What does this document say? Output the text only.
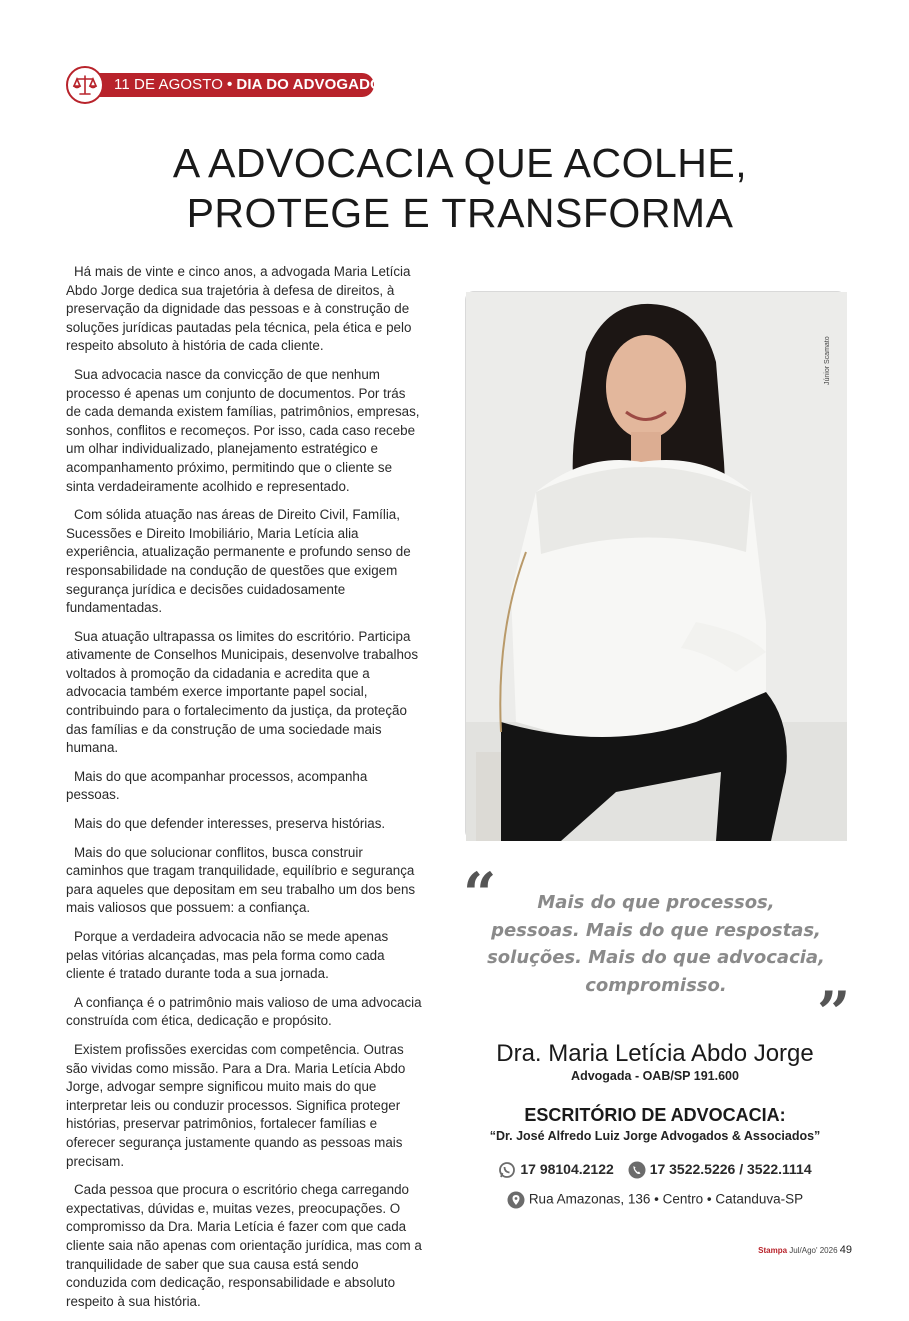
11 DE AGOSTO • DIA DO ADVOGADO
A ADVOCACIA QUE ACOLHE,
PROTEGE E TRANSFORMA

Há mais de vinte e cinco anos, a advogada Maria Letícia Abdo Jorge dedica sua trajetória à defesa de direitos, à preservação da dignidade das pessoas e à construção de soluções jurídicas pautadas pela técnica, pela ética e pelo respeito absoluto à história de cada cliente.

Sua advocacia nasce da convicção de que nenhum processo é apenas um conjunto de documentos. Por trás de cada demanda existem famílias, patrimônios, empresas, sonhos, conflitos e recomeços. Por isso, cada caso recebe um olhar individualizado, planejamento estratégico e acompanhamento próximo, permitindo que o cliente se sinta verdadeiramente acolhido e representado.

Com sólida atuação nas áreas de Direito Civil, Família, Sucessões e Direito Imobiliário, Maria Letícia alia experiência, atualização permanente e profundo senso de responsabilidade na condução de questões que exigem segurança jurídica e decisões cuidadosamente fundamentadas.

Sua atuação ultrapassa os limites do escritório. Participa ativamente de Conselhos Municipais, desenvolve trabalhos voltados à promoção da cidadania e acredita que a advocacia também exerce importante papel social, contribuindo para o fortalecimento da justiça, da proteção das famílias e da construção de uma sociedade mais humana.

Mais do que acompanhar processos, acompanha pessoas.

Mais do que defender interesses, preserva histórias.

Mais do que solucionar conflitos, busca construir caminhos que tragam tranquilidade, equilíbrio e segurança para aqueles que depositam em seu trabalho um dos bens mais valiosos que possuem: a confiança.

Porque a verdadeira advocacia não se mede apenas pelas vitórias alcançadas, mas pela forma como cada cliente é tratado durante toda a sua jornada.

A confiança é o patrimônio mais valioso de uma advocacia construída com ética, dedicação e propósito.

Existem profissões exercidas com competência. Outras são vividas como missão. Para a Dra. Maria Letícia Abdo Jorge, advogar sempre significou muito mais do que interpretar leis ou conduzir processos. Significa proteger histórias, preservar patrimônios, fortalecer famílias e oferecer segurança justamente quando as pessoas mais precisam.

Cada pessoa que procura o escritório chega carregando expectativas, dúvidas e, muitas vezes, preocupações. O compromisso da Dra. Maria Letícia é fazer com que cada cliente saia não apenas com orientação jurídica, mas com a tranquilidade de saber que sua causa está sendo conduzida com dedicação, responsabilidade e absoluto respeito à sua história.

Júnior Scamato
“	Mais do que processos,
pessoas. Mais do que respostas,
soluções. Mais do que advocacia,
compromisso.	”
Dra. Maria Letícia Abdo Jorge
Advogada - OAB/SP 191.600
ESCRITÓRIO DE ADVOCACIA:
“Dr. José Alfredo Luiz Jorge Advogados & Associados”
17 98104.2122	17 3522.5226 / 3522.1114
Rua Amazonas, 136 • Centro • Catanduva-SP
Stampa Jul/Ago' 2026 49
